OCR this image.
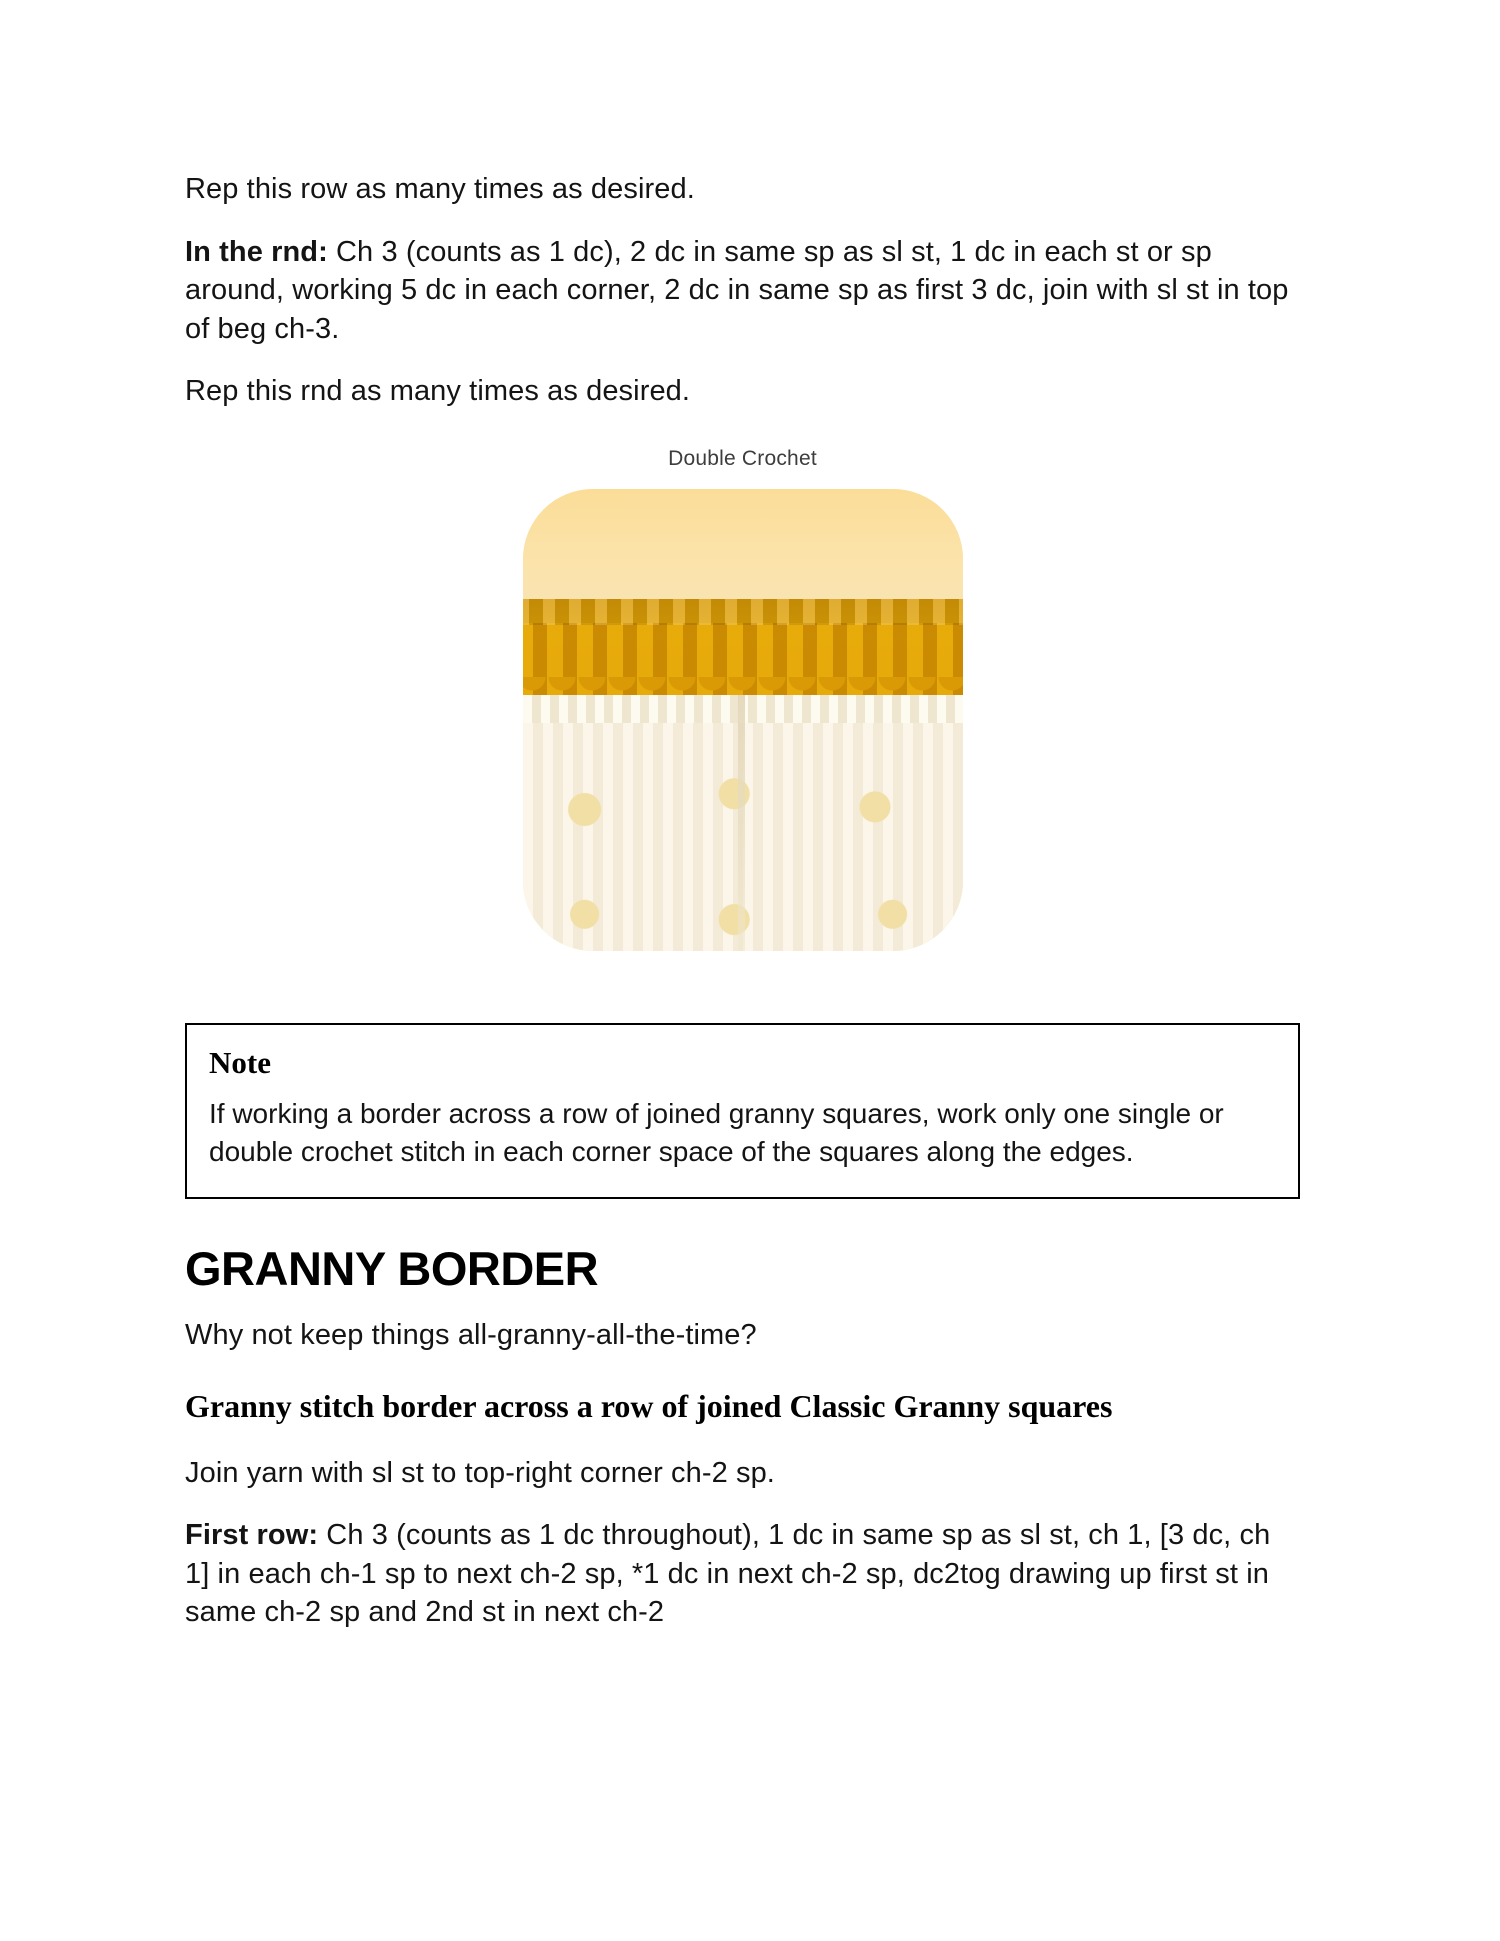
Rep this row as many times as desired.

In the rnd: Ch 3 (counts as 1 dc), 2 dc in same sp as sl st, 1 dc in each st or sp around, working 5 dc in each corner, 2 dc in same sp as first 3 dc, join with sl st in top of beg ch-3.

Rep this rnd as many times as desired.

Double Crochet
Note

If working a border across a row of joined granny squares, work only one single or double crochet stitch in each corner space of the squares along the edges.

GRANNY BORDER

Why not keep things all-granny-all-the-time?

Granny stitch border across a row of joined Classic Granny squares

Join yarn with sl st to top-right corner ch-2 sp.

First row: Ch 3 (counts as 1 dc throughout), 1 dc in same sp as sl st, ch 1, [3 dc, ch 1] in each ch-1 sp to next ch-2 sp, *1 dc in next ch-2 sp, dc2tog drawing up first st in same ch-2 sp and 2nd st in next ch-2
